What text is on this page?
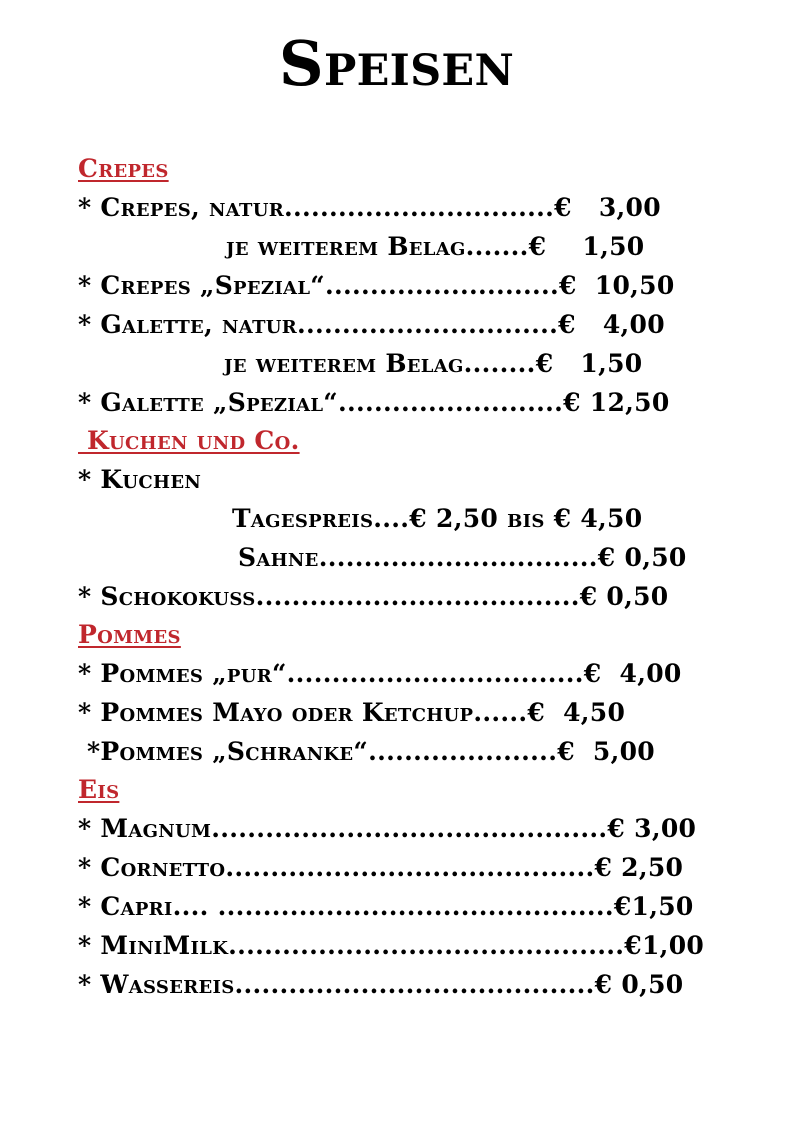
Speisen
Crepes
* Crepes, natur..............................€   3,00
je weiterem Belag.......€    1,50
* Crepes „Spezial“..........................€  10,50
* Galette, natur.............................€   4,00
je weiterem Belag........€   1,50
* Galette „Spezial“.........................€ 12,50
Kuchen und Co.
* Kuchen
Tagespreis....€ 2,50 bis € 4,50
Sahne...............................€ 0,50
* Schokokuss....................................€ 0,50
Pommes
* Pommes „pur“.................................€  4,00
* Pommes Mayo oder Ketchup......€  4,50
*Pommes „Schranke“.....................€  5,00
Eis
* Magnum............................................€ 3,00
* Cornetto.........................................€ 2,50
* Capri.... ............................................€1,50
* MiniMilk............................................€1,00
* Wassereis........................................€ 0,50
